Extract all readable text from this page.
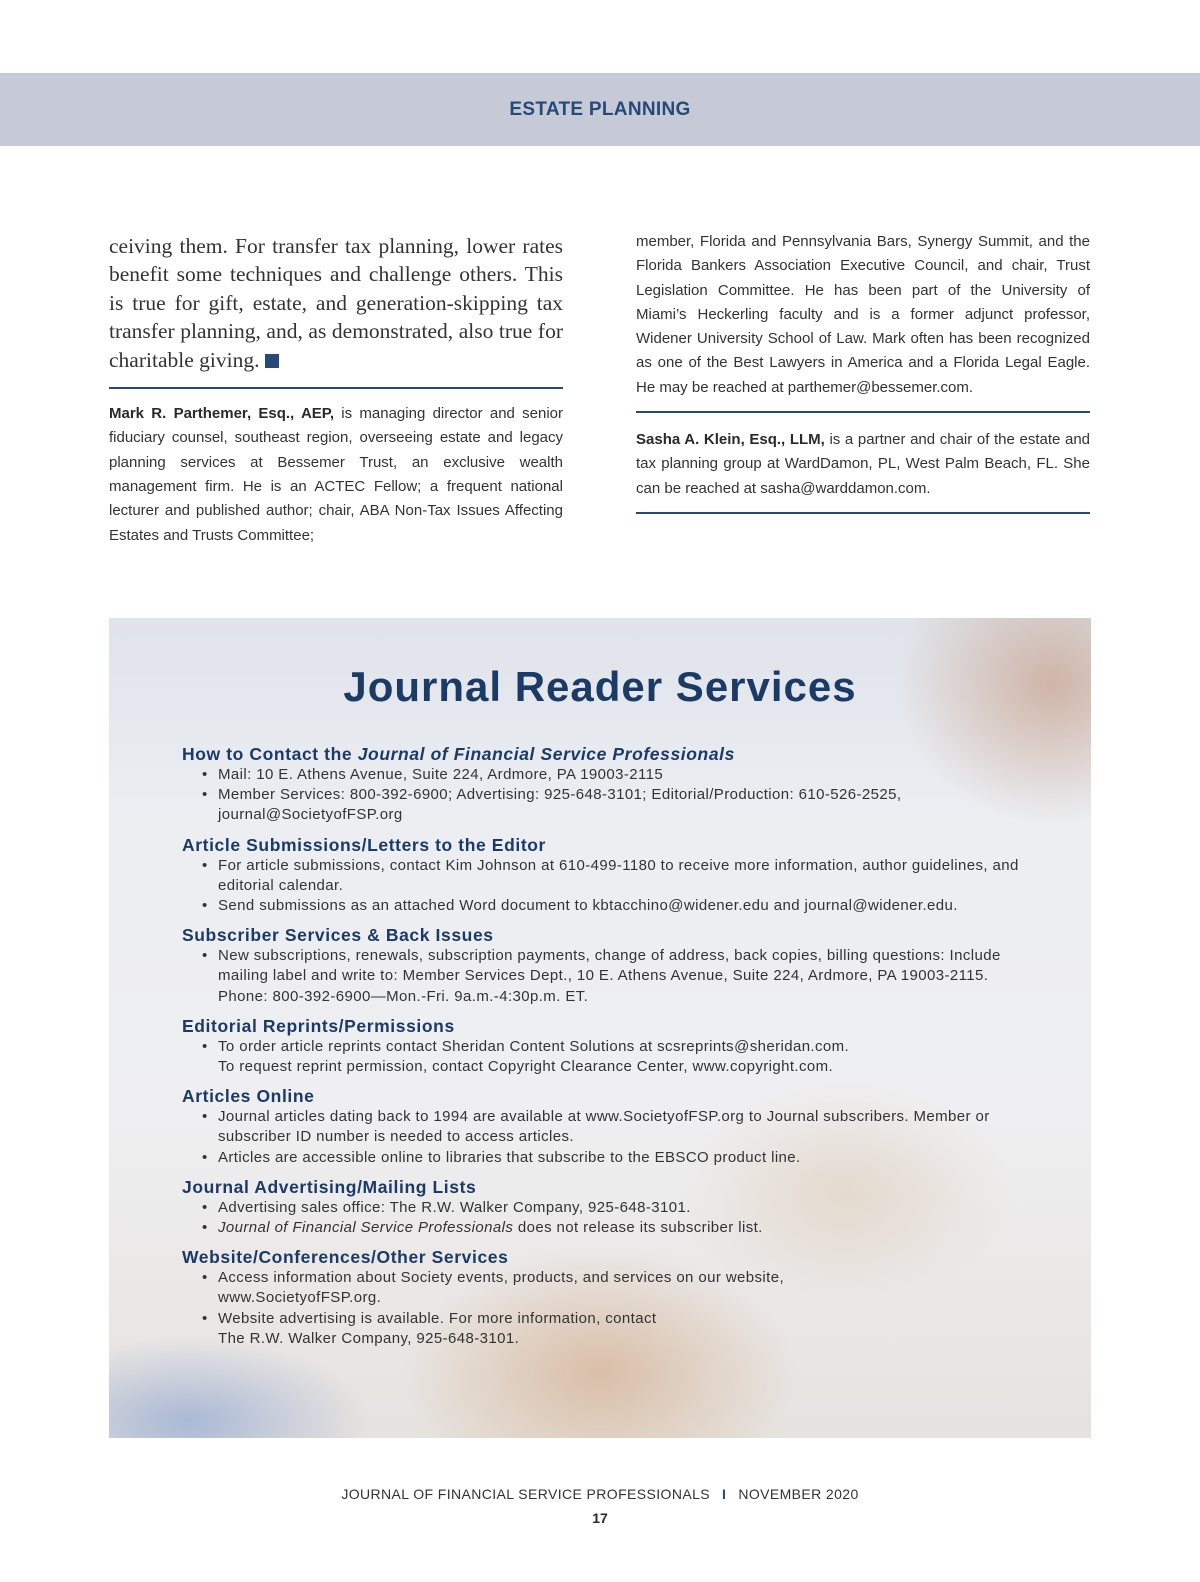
ESTATE PLANNING

ceiving them. For transfer tax planning, lower rates benefit some techniques and challenge others. This is true for gift, estate, and generation-skipping tax transfer planning, and, as demonstrated, also true for charitable giving.

Mark R. Parthemer, Esq., AEP, is managing director and senior fiduciary counsel, southeast region, overseeing estate and legacy planning services at Bessemer Trust, an exclusive wealth management firm. He is an ACTEC Fellow; a frequent national lecturer and published author; chair, ABA Non-Tax Issues Affecting Estates and Trusts Committee;

member, Florida and Pennsylvania Bars, Synergy Summit, and the Florida Bankers Association Executive Council, and chair, Trust Legislation Committee. He has been part of the University of Miami’s Heckerling faculty and is a former adjunct professor, Widener University School of Law. Mark often has been recognized as one of the Best Lawyers in America and a Florida Legal Eagle. He may be reached at parthemer@bessemer.com.

Sasha A. Klein, Esq., LLM, is a partner and chair of the estate and tax planning group at WardDamon, PL, West Palm Beach, FL. She can be reached at sasha@warddamon.com.

Journal Reader Services
How to Contact the Journal of Financial Service Professionals
• Mail: 10 E. Athens Avenue, Suite 224, Ardmore, PA 19003-2115
• Member Services: 800-392-6900; Advertising: 925-648-3101; Editorial/Production: 610-526-2525, journal@SocietyofFSP.org
Article Submissions/Letters to the Editor
• For article submissions, contact Kim Johnson at 610-499-1180 to receive more information, author guidelines, and editorial calendar.
• Send submissions as an attached Word document to kbtacchino@widener.edu and journal@widener.edu.
Subscriber Services & Back Issues
• New subscriptions, renewals, subscription payments, change of address, back copies, billing questions: Include mailing label and write to: Member Services Dept., 10 E. Athens Avenue, Suite 224, Ardmore, PA 19003-2115. Phone: 800-392-6900—Mon.-Fri. 9a.m.-4:30p.m. ET.
Editorial Reprints/Permissions
• To order article reprints contact Sheridan Content Solutions at scsreprints@sheridan.com.
To request reprint permission, contact Copyright Clearance Center, www.copyright.com.
Articles Online
• Journal articles dating back to 1994 are available at www.SocietyofFSP.org to Journal subscribers. Member or subscriber ID number is needed to access articles.
• Articles are accessible online to libraries that subscribe to the EBSCO product line.
Journal Advertising/Mailing Lists
• Advertising sales office: The R.W. Walker Company, 925-648-3101.
• Journal of Financial Service Professionals does not release its subscriber list.
Website/Conferences/Other Services
• Access information about Society events, products, and services on our website,
www.SocietyofFSP.org.
• Website advertising is available. For more information, contact
The R.W. Walker Company, 925-648-3101.
JOURNAL OF FINANCIAL SERVICE PROFESSIONALS I NOVEMBER 2020
17
